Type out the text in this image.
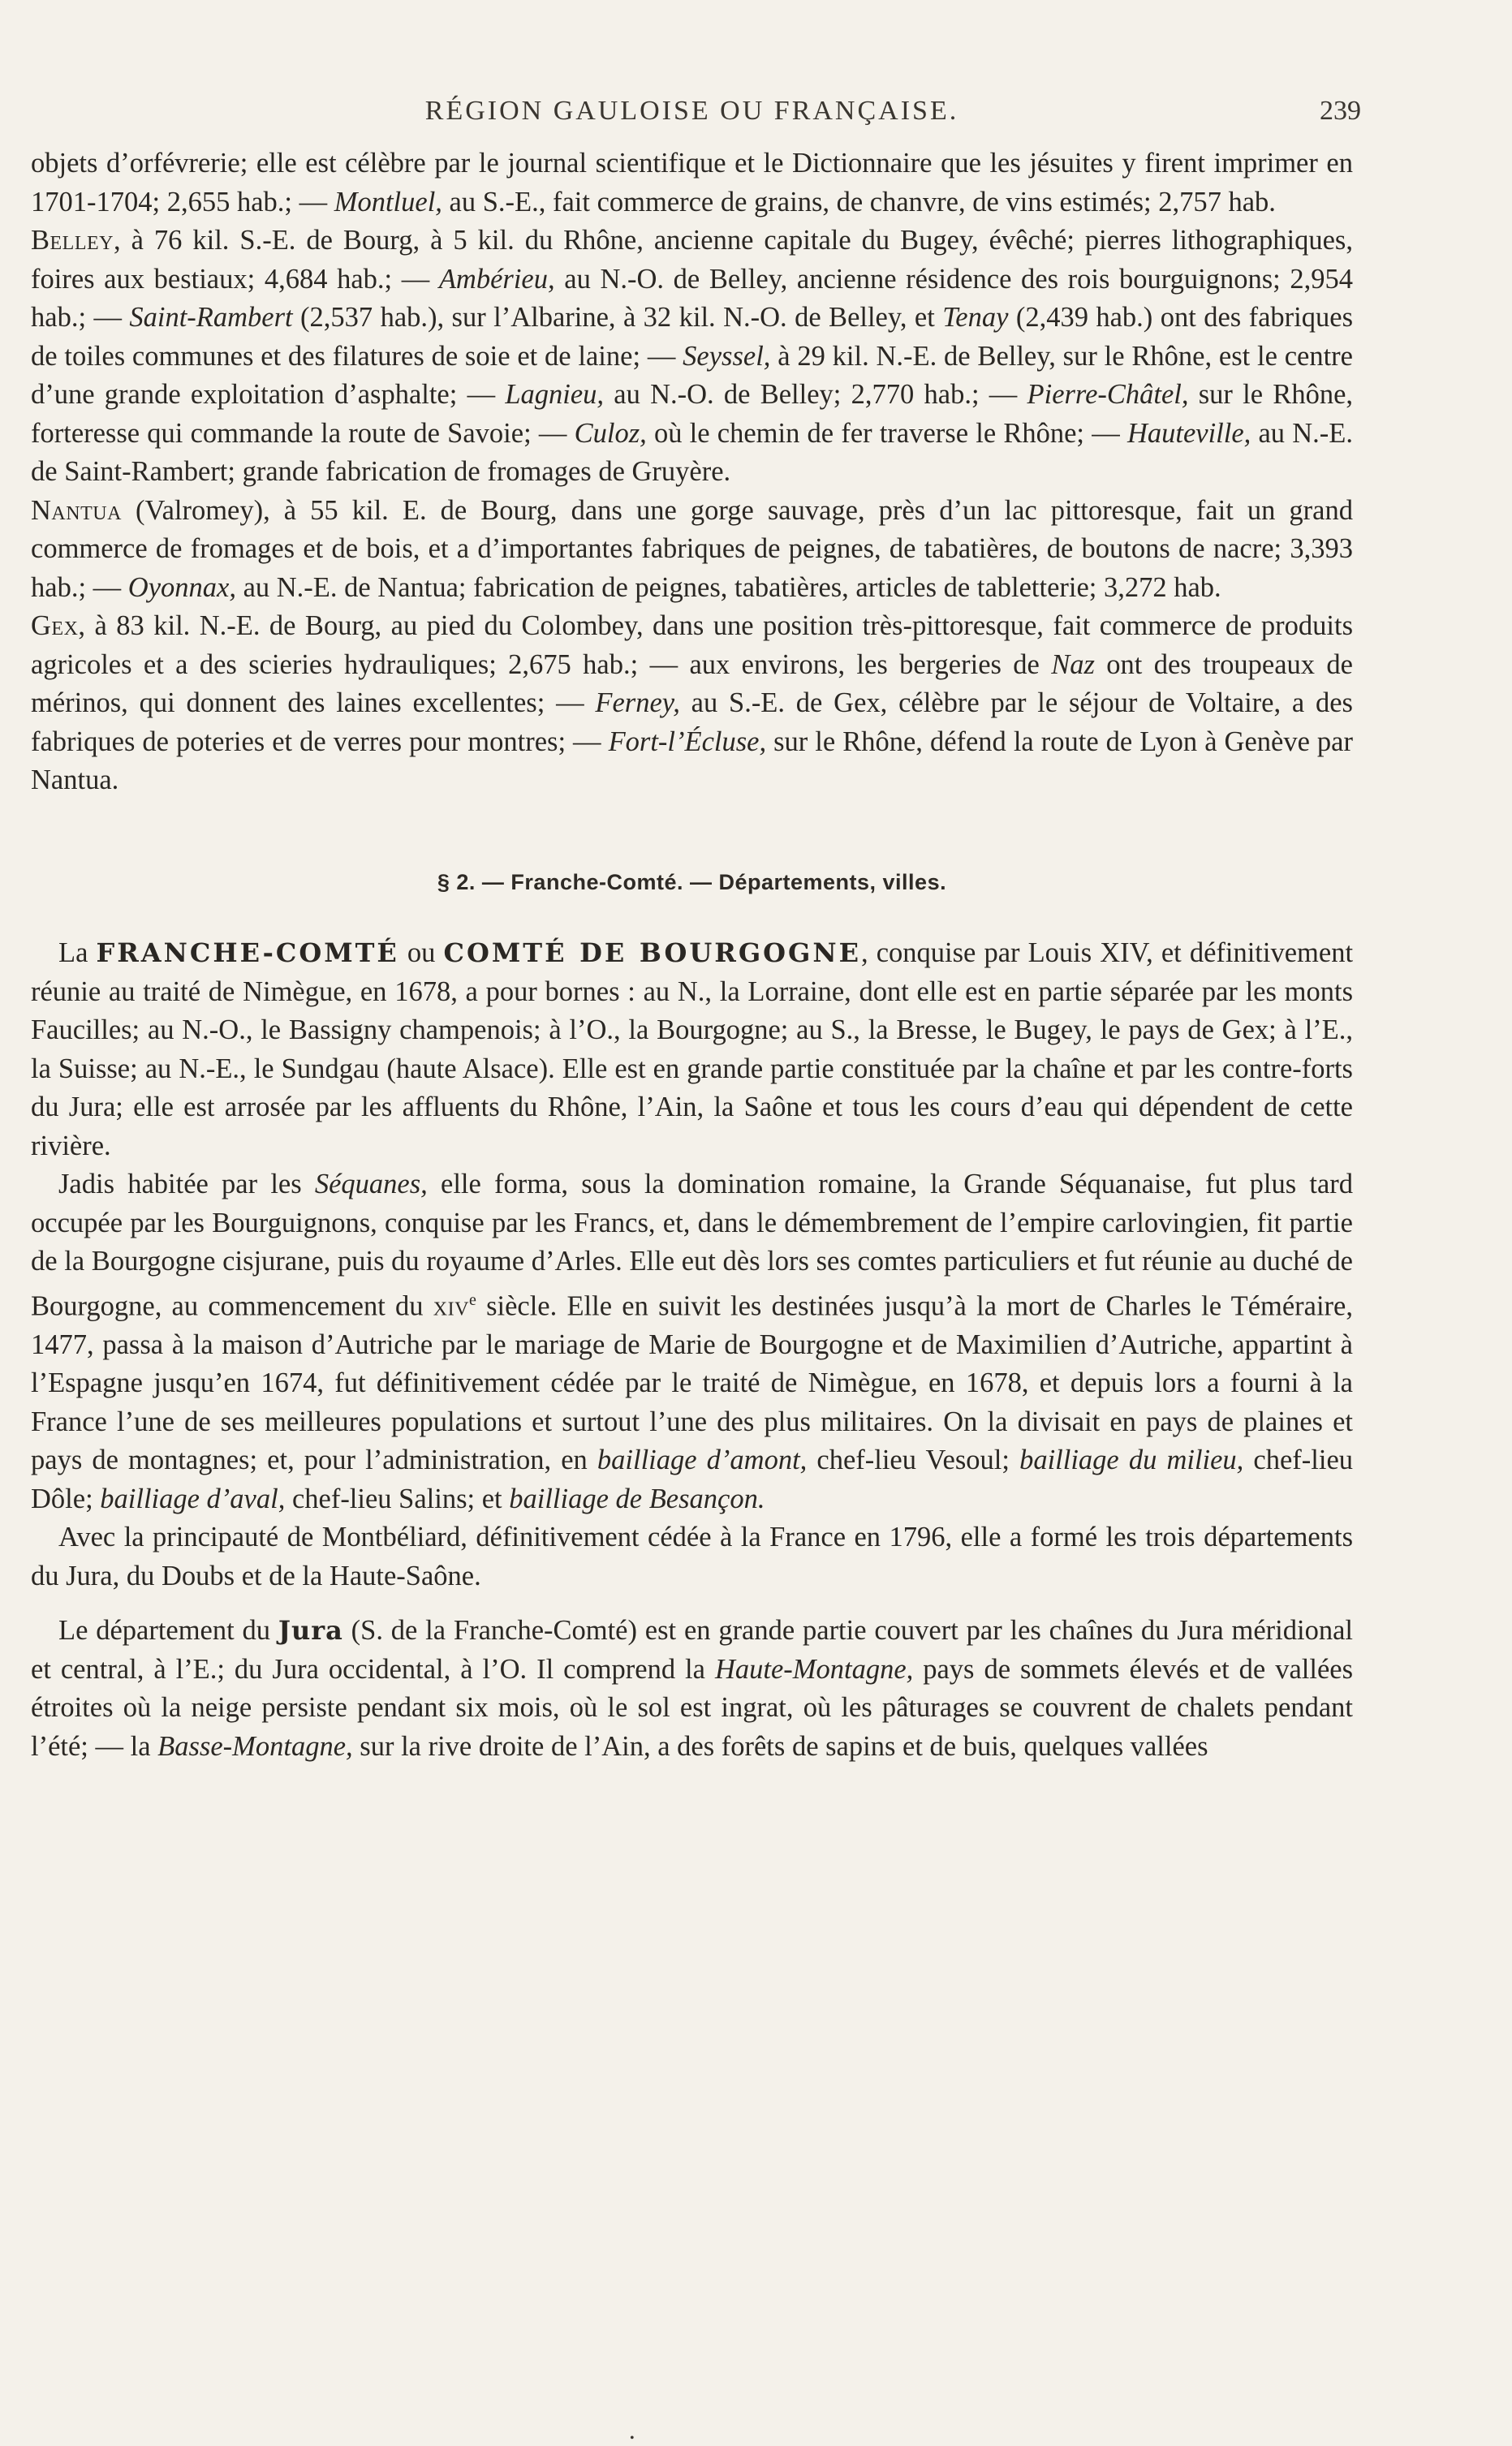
RÉGION GAULOISE OU FRANÇAISE.	239

objets d’orfévrerie; elle est célèbre par le journal scientifique et le Dictionnaire que les jésuites y firent imprimer en 1701-1704; 2,655 hab.; — Montluel, au S.-E., fait commerce de grains, de chanvre, de vins estimés; 2,757 hab.

Belley, à 76 kil. S.-E. de Bourg, à 5 kil. du Rhône, ancienne capitale du Bugey, évêché; pierres lithographiques, foires aux bestiaux; 4,684 hab.; — Ambérieu, au N.-O. de Belley, ancienne résidence des rois bourguignons; 2,954 hab.; — Saint-Rambert (2,537 hab.), sur l’Albarine, à 32 kil. N.-O. de Belley, et Tenay (2,439 hab.) ont des fabriques de toiles communes et des filatures de soie et de laine; — Seyssel, à 29 kil. N.-E. de Belley, sur le Rhône, est le centre d’une grande exploitation d’asphalte; — Lagnieu, au N.-O. de Belley; 2,770 hab.; — Pierre-Châtel, sur le Rhône, forteresse qui commande la route de Savoie; — Culoz, où le chemin de fer traverse le Rhône; — Hauteville, au N.-E. de Saint-Rambert; grande fabrication de fromages de Gruyère.

Nantua (Valromey), à 55 kil. E. de Bourg, dans une gorge sauvage, près d’un lac pittoresque, fait un grand commerce de fromages et de bois, et a d’importantes fabriques de peignes, de tabatières, de boutons de nacre; 3,393 hab.; — Oyonnax, au N.-E. de Nantua; fabrication de peignes, tabatières, articles de tabletterie; 3,272 hab.

Gex, à 83 kil. N.-E. de Bourg, au pied du Colombey, dans une position très-pittoresque, fait commerce de produits agricoles et a des scieries hydrauliques; 2,675 hab.; — aux environs, les bergeries de Naz ont des troupeaux de mérinos, qui donnent des laines excellentes; — Ferney, au S.-E. de Gex, célèbre par le séjour de Voltaire, a des fabriques de poteries et de verres pour montres; — Fort-l’Écluse, sur le Rhône, défend la route de Lyon à Genève par Nantua.

§ 2. — Franche-Comté. — Départements, villes.

La FRANCHE-COMTÉ ou COMTÉ DE BOURGOGNE, conquise par Louis XIV, et définitivement réunie au traité de Nimègue, en 1678, a pour bornes : au N., la Lorraine, dont elle est en partie séparée par les monts Faucilles; au N.-O., le Bassigny champenois; à l’O., la Bourgogne; au S., la Bresse, le Bugey, le pays de Gex; à l’E., la Suisse; au N.-E., le Sundgau (haute Alsace). Elle est en grande partie constituée par la chaîne et par les contre-forts du Jura; elle est arrosée par les affluents du Rhône, l’Ain, la Saône et tous les cours d’eau qui dépendent de cette rivière.

Jadis habitée par les Séquanes, elle forma, sous la domination romaine, la Grande Séquanaise, fut plus tard occupée par les Bourguignons, conquise par les Francs, et, dans le démembrement de l’empire carlovingien, fit partie de la Bourgogne cisjurane, puis du royaume d’Arles. Elle eut dès lors ses comtes particuliers et fut réunie au duché de Bourgogne, au commencement du xiv$^e$ siècle. Elle en suivit les destinées jusqu’à la mort de Charles le Téméraire, 1477, passa à la maison d’Autriche par le mariage de Marie de Bourgogne et de Maximilien d’Autriche, appartint à l’Espagne jusqu’en 1674, fut définitivement cédée par le traité de Nimègue, en 1678, et depuis lors a fourni à la France l’une de ses meilleures populations et surtout l’une des plus militaires. On la divisait en pays de plaines et pays de montagnes; et, pour l’administration, en bailliage d’amont, chef-lieu Vesoul; bailliage du milieu, chef-lieu Dôle; bailliage d’aval, chef-lieu Salins; et bailliage de Besançon.

Avec la principauté de Montbéliard, définitivement cédée à la France en 1796, elle a formé les trois départements du Jura, du Doubs et de la Haute-Saône.

Le département du Jura (S. de la Franche-Comté) est en grande partie couvert par les chaînes du Jura méridional et central, à l’E.; du Jura occidental, à l’O. Il comprend la Haute-Montagne, pays de sommets élevés et de vallées étroites où la neige persiste pendant six mois, où le sol est ingrat, où les pâturages se couvrent de chalets pendant l’été; — la Basse-Montagne, sur la rive droite de l’Ain, a des forêts de sapins et de buis, quelques vallées

•
